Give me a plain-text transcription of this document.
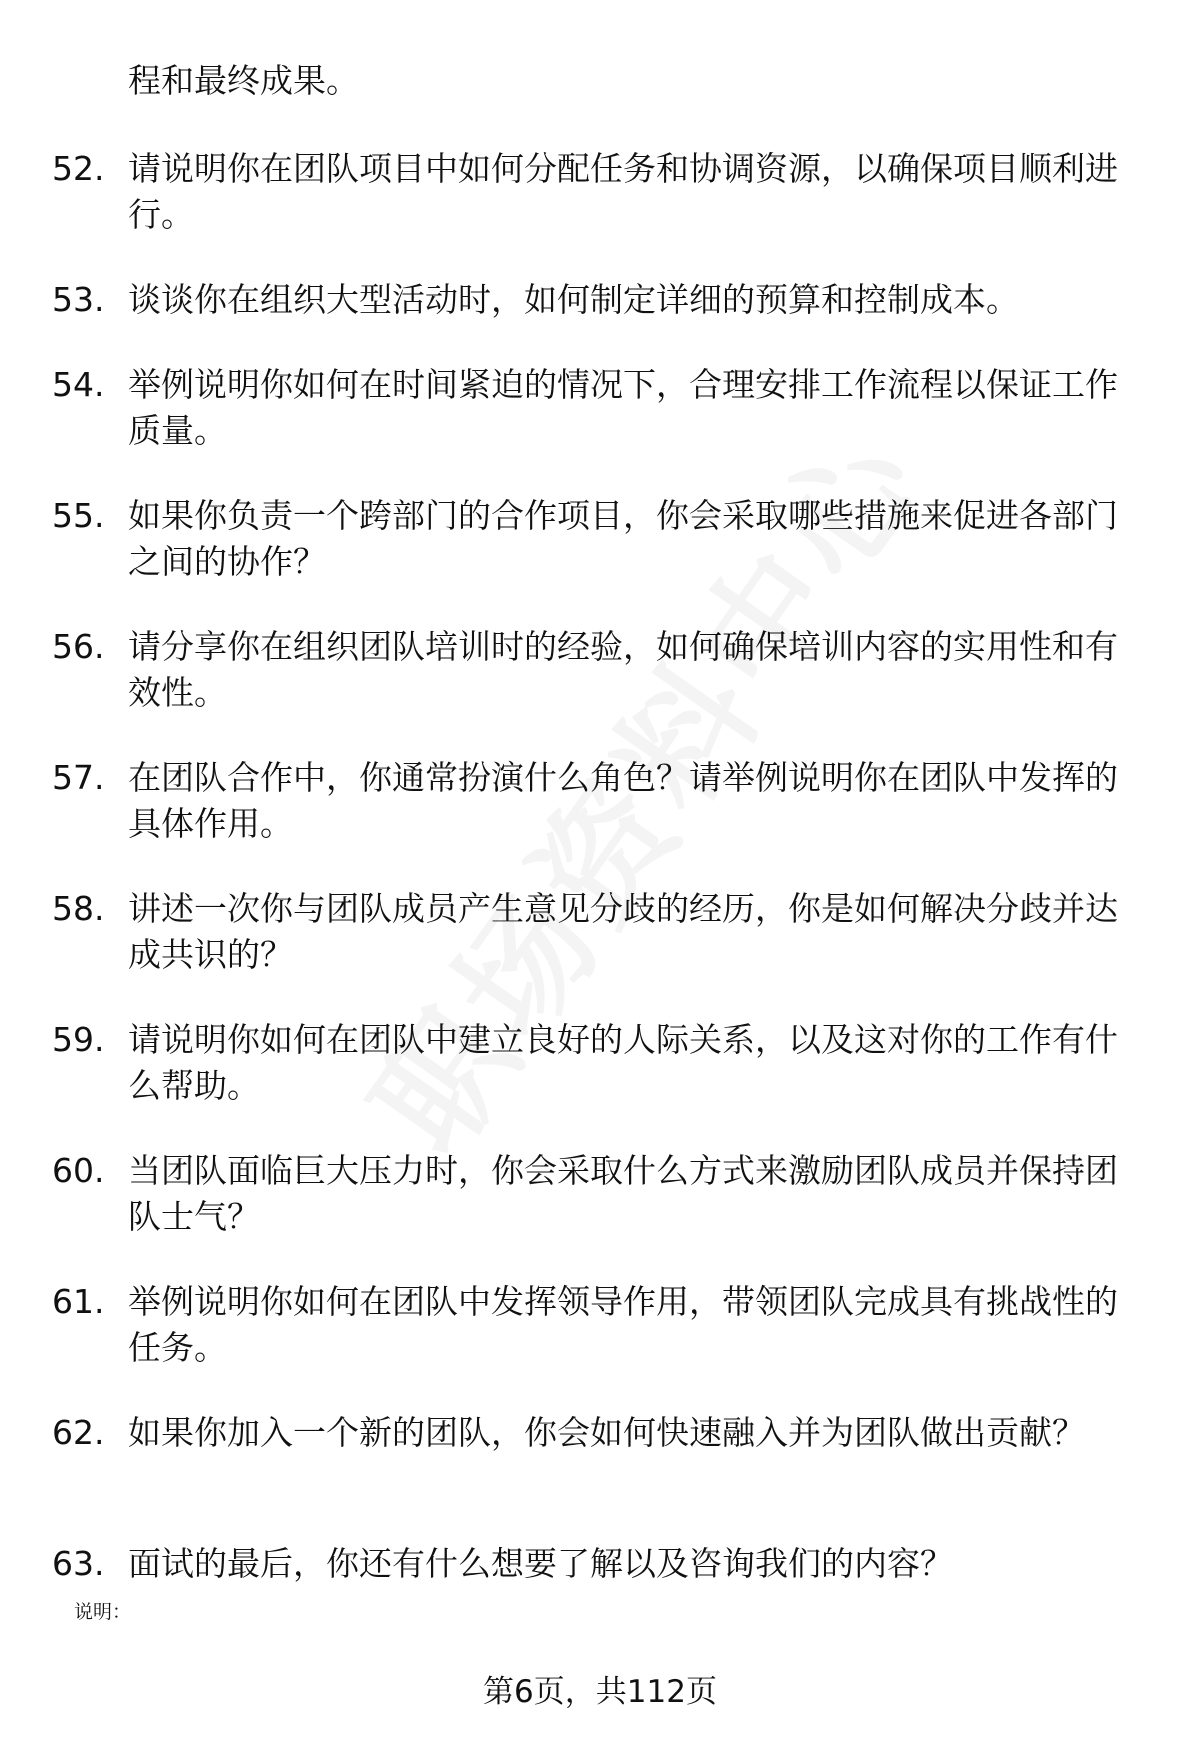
程和最终成果。

52. 请说明你在团队项目中如何分配任务和协调资源，以确保项目顺利进行。
53. 谈谈你在组织大型活动时，如何制定详细的预算和控制成本。
54. 举例说明你如何在时间紧迫的情况下，合理安排工作流程以保证工作质量。
55. 如果你负责一个跨部门的合作项目，你会采取哪些措施来促进各部门之间的协作？
56. 请分享你在组织团队培训时的经验，如何确保培训内容的实用性和有效性。
57. 在团队合作中，你通常扮演什么角色？请举例说明你在团队中发挥的具体作用。
58. 讲述一次你与团队成员产生意见分歧的经历，你是如何解决分歧并达成共识的？
59. 请说明你如何在团队中建立良好的人际关系，以及这对你的工作有什么帮助。
60. 当团队面临巨大压力时，你会采取什么方式来激励团队成员并保持团队士气？
61. 举例说明你如何在团队中发挥领导作用，带领团队完成具有挑战性的任务。
62. 如果你加入一个新的团队，你会如何快速融入并为团队做出贡献？
63. 面试的最后，你还有什么想要了解以及咨询我们的内容？
说明：
第6页，共112页
